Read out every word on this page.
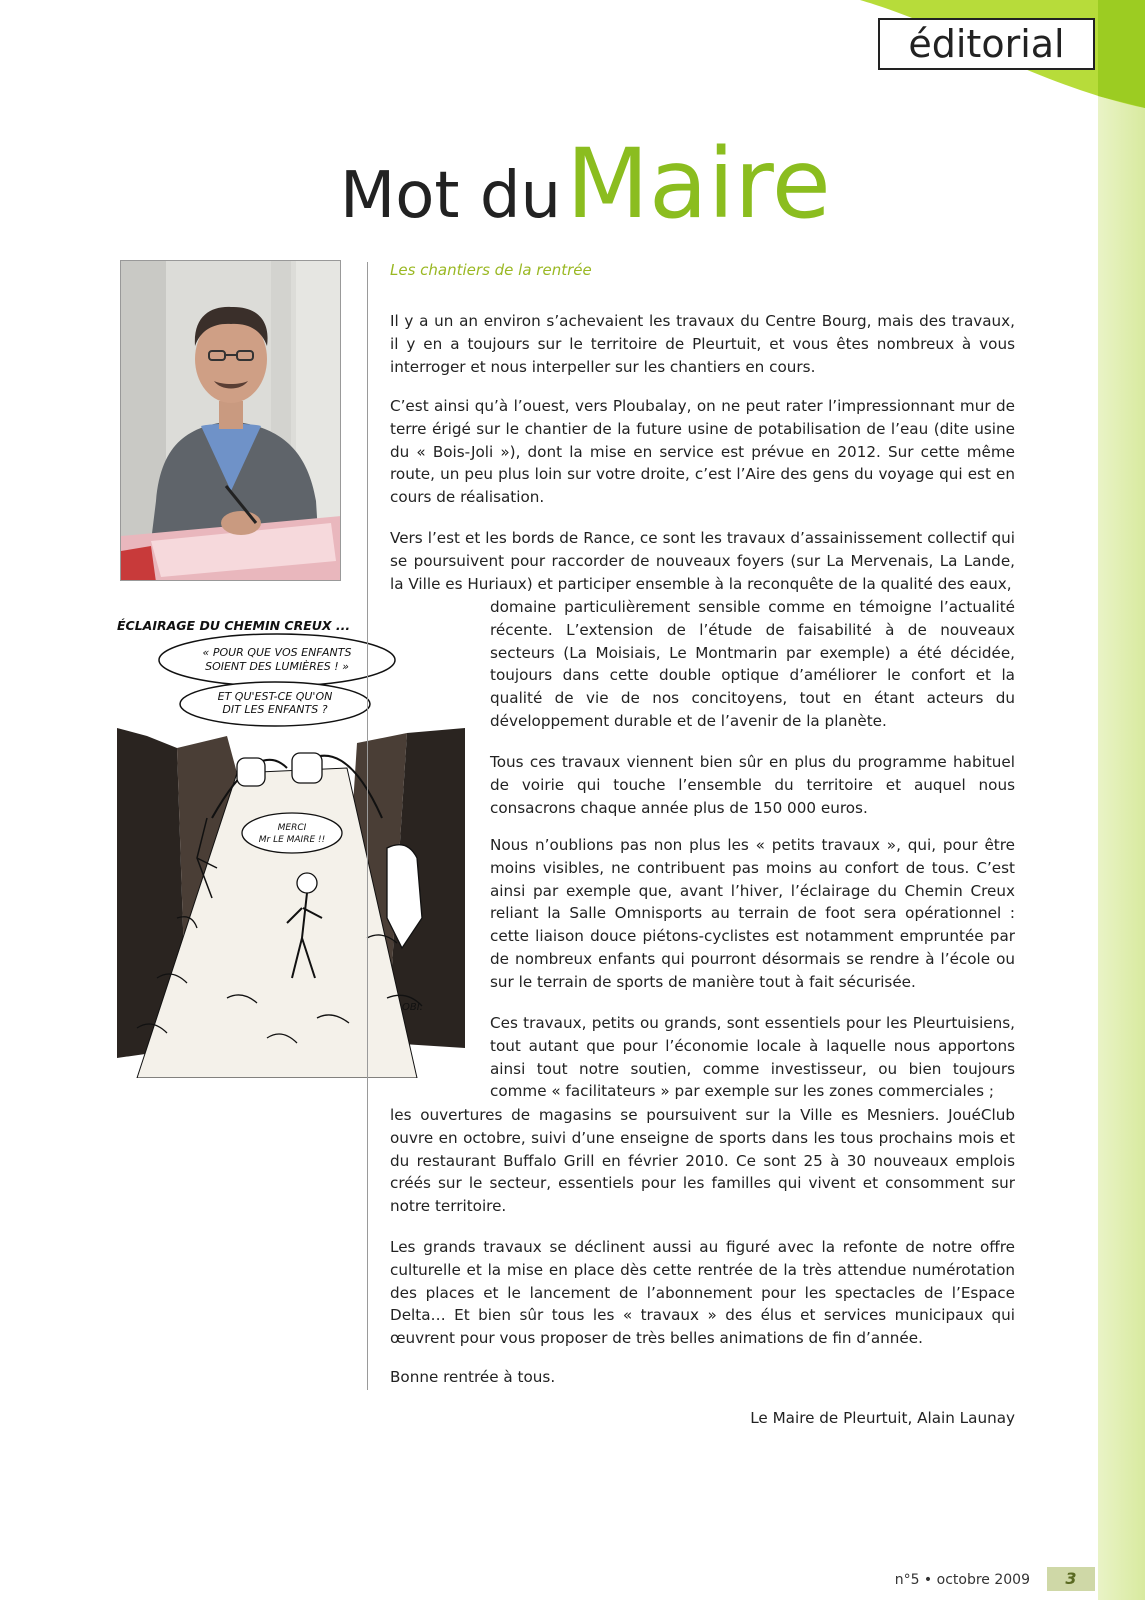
éditorial
Mot du Maire
ÉCLAIRAGE DU CHEMIN CREUX ...
« POUR QUE VOS ENFANTS
SOIENT DES LUMIÈRES ! »
ET QU'EST-CE QU'ON
DIT LES ENFANTS ?
MERCI
Mr LE MAIRE !!
OBI.
Les chantiers de la rentrée

Il y a un an environ s’achevaient les travaux du Centre Bourg, mais des travaux, il y en a toujours sur le territoire de Pleurtuit, et vous êtes nombreux à vous interroger et nous interpeller sur les chantiers en cours.

C’est ainsi qu’à l’ouest, vers Ploubalay, on ne peut rater l’impressionnant mur de terre érigé sur le chantier de la future usine de potabilisation de l’eau (dite usine du « Bois-Joli »), dont la mise en service est prévue en 2012. Sur cette même route, un peu plus loin sur votre droite, c’est l’Aire des gens du voyage qui est en cours de réalisation.

Vers l’est et les bords de Rance, ce sont les travaux d’assainissement collectif qui se poursuivent pour raccorder de nouveaux foyers (sur La Mervenais, La Lande, la Ville es Huriaux) et participer ensemble à la reconquête de la qualité des eaux,

domaine particulièrement sensible comme en témoigne l’actualité récente. L’extension de l’étude de faisabilité à de nouveaux secteurs (La Moisiais, Le Montmarin par exemple) a été décidée, toujours dans cette double optique d’améliorer le confort et la qualité de vie de nos concitoyens, tout en étant acteurs du développement durable et de l’avenir de la planète.

Tous ces travaux viennent bien sûr en plus du programme habituel de voirie qui touche l’ensemble du territoire et auquel nous consacrons chaque année plus de 150 000 euros.

Nous n’oublions pas non plus les « petits travaux », qui, pour être moins visibles, ne contribuent pas moins au confort de tous. C’est ainsi par exemple que, avant l’hiver, l’éclairage du Chemin Creux reliant la Salle Omnisports au terrain de foot sera opérationnel : cette liaison douce piétons-cyclistes est notamment empruntée par de nombreux enfants qui pourront désormais se rendre à l’école ou sur le terrain de sports de manière tout à fait sécurisée.

Ces travaux, petits ou grands, sont essentiels pour les Pleurtuisiens, tout autant que pour l’économie locale à laquelle nous apportons ainsi tout notre soutien, comme investisseur, ou bien toujours comme « facilitateurs » par exemple sur les zones commerciales ;

les ouvertures de magasins se poursuivent sur la Ville es Mesniers. JouéClub ouvre en octobre, suivi d’une enseigne de sports dans les tous prochains mois et du restaurant Buffalo Grill en février 2010. Ce sont 25 à 30 nouveaux emplois créés sur le secteur, essentiels pour les familles qui vivent et consomment sur notre territoire.

Les grands travaux se déclinent aussi au figuré avec la refonte de notre offre culturelle et la mise en place dès cette rentrée de la très attendue numérotation des places et le lancement de l’abonnement pour les spectacles de l’Espace Delta… Et bien sûr tous les « travaux » des élus et services municipaux qui œuvrent pour vous proposer de très belles animations de fin d’année.

Bonne rentrée à tous.

Le Maire de Pleurtuit, Alain Launay
n°5 • octobre 2009	3
